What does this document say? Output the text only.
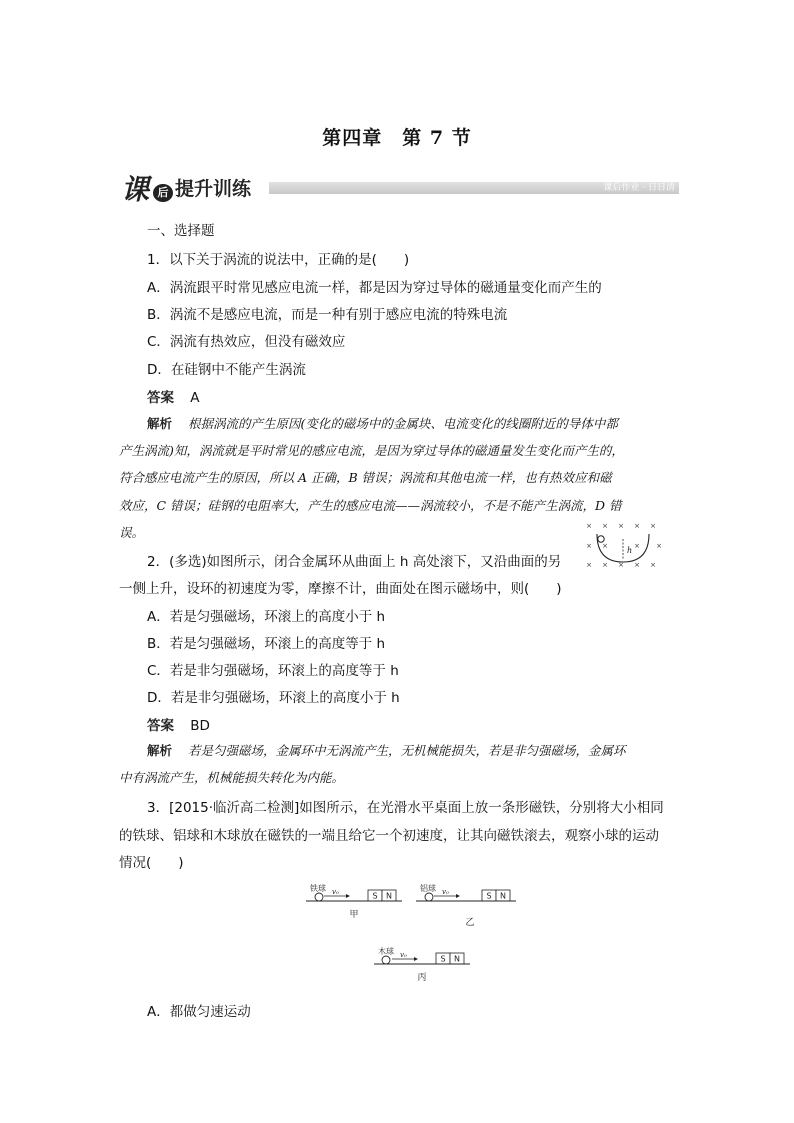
第四章　第 7 节
课 后 提升训练	课后作业 · 日日清
一、选择题
1．以下关于涡流的说法中，正确的是(　　)
A．涡流跟平时常见感应电流一样，都是因为穿过导体的磁通量变化而产生的
B．涡流不是感应电流，而是一种有别于感应电流的特殊电流
C．涡流有热效应，但没有磁效应
D．在硅钢中不能产生涡流
答案 A
解析 根据涡流的产生原因(变化的磁场中的金属块、电流变化的线圈附近的导体中都
产生涡流)知，涡流就是平时常见的感应电流，是因为穿过导体的磁通量发生变化而产生的，
符合感应电流产生的原因，所以 A 正确，B 错误；涡流和其他电流一样，也有热效应和磁
效应，C 错误；硅钢的电阻率大，产生的感应电流——涡流较小，不是不能产生涡流，D 错
误。
2．(多选)如图所示，闭合金属环从曲面上 h 高处滚下，又沿曲面的另
一侧上升，设环的初速度为零，摩擦不计，曲面处在图示磁场中，则(　　)
A．若是匀强磁场，环滚上的高度小于 h
B．若是匀强磁场，环滚上的高度等于 h
C．若是非匀强磁场，环滚上的高度等于 h
D．若是非匀强磁场，环滚上的高度小于 h
答案 BD
解析 若是匀强磁场，金属环中无涡流产生，无机械能损失，若是非匀强磁场，金属环
中有涡流产生，机械能损失转化为内能。
3．[2015·临沂高二检测]如图所示，在光滑水平桌面上放一条形磁铁，分别将大小相同
的铁球、铝球和木球放在磁铁的一端且给它一个初速度，让其向磁铁滚去，观察小球的运动
情况(　　)
A．都做匀速运动
× × × × ×
× ×	× ×
× × × × ×
h
铁球 v₀	S N
甲
铝球 v₀	S N
乙
木球 v₀	S N
丙
